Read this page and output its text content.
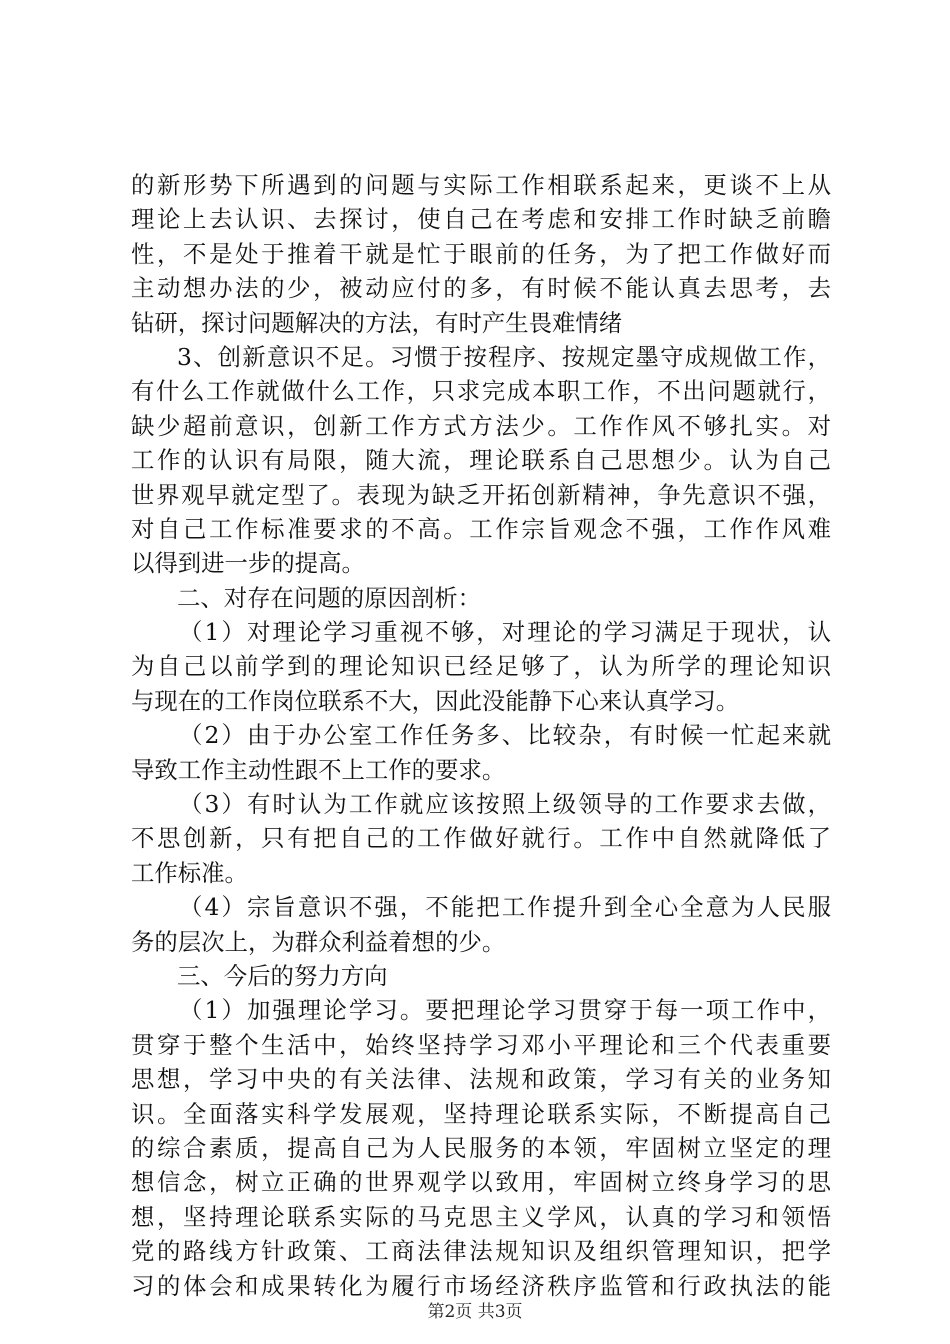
的新形势下所遇到的问题与实际工作相联系起来，更谈不上从
理论上去认识、去探讨，使自己在考虑和安排工作时缺乏前瞻
性，不是处于推着干就是忙于眼前的任务，为了把工作做好而
主动想办法的少，被动应付的多，有时候不能认真去思考，去
钻研，探讨问题解决的方法，有时产生畏难情绪
3、创新意识不足。习惯于按程序、按规定墨守成规做工作，
有什么工作就做什么工作，只求完成本职工作，不出问题就行，
缺少超前意识，创新工作方式方法少。工作作风不够扎实。对
工作的认识有局限，随大流，理论联系自己思想少。认为自己
世界观早就定型了。表现为缺乏开拓创新精神，争先意识不强，
对自己工作标准要求的不高。工作宗旨观念不强，工作作风难
以得到进一步的提高。
二、对存在问题的原因剖析：
（1）对理论学习重视不够，对理论的学习满足于现状，认
为自己以前学到的理论知识已经足够了，认为所学的理论知识
与现在的工作岗位联系不大，因此没能静下心来认真学习。
（2）由于办公室工作任务多、比较杂，有时候一忙起来就
导致工作主动性跟不上工作的要求。
（3）有时认为工作就应该按照上级领导的工作要求去做，
不思创新，只有把自己的工作做好就行。工作中自然就降低了
工作标准。
（4）宗旨意识不强，不能把工作提升到全心全意为人民服
务的层次上，为群众利益着想的少。
三、今后的努力方向
（1）加强理论学习。要把理论学习贯穿于每一项工作中，
贯穿于整个生活中，始终坚持学习邓小平理论和三个代表重要
思想，学习中央的有关法律、法规和政策，学习有关的业务知
识。全面落实科学发展观，坚持理论联系实际，不断提高自己
的综合素质，提高自己为人民服务的本领，牢固树立坚定的理
想信念，树立正确的世界观学以致用，牢固树立终身学习的思
想，坚持理论联系实际的马克思主义学风，认真的学习和领悟
党的路线方针政策、工商法律法规知识及组织管理知识，把学
习的体会和成果转化为履行市场经济秩序监管和行政执法的能
第2页 共3页
